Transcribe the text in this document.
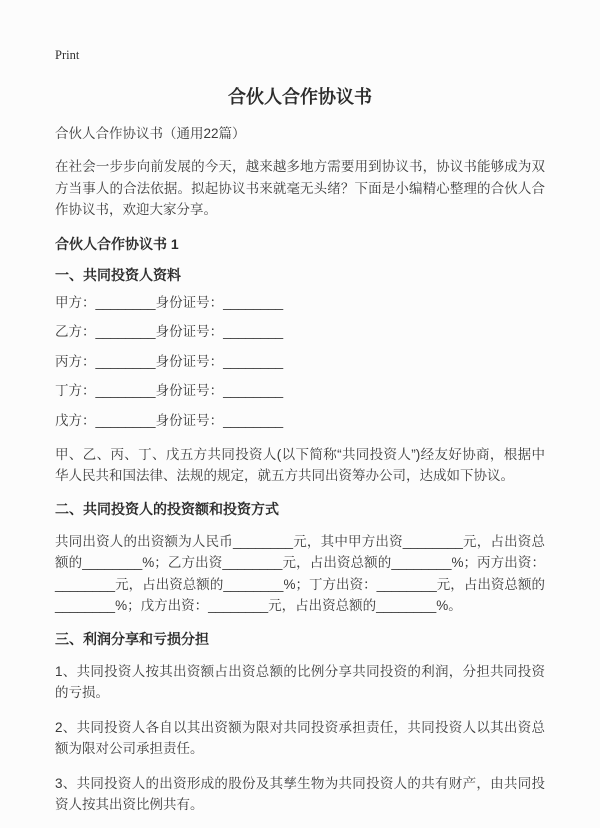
Print
合伙人合作协议书

合伙人合作协议书（通用22篇）

在社会一步步向前发展的今天，越来越多地方需要用到协议书，协议书能够成为双方当事人的合法依据。拟起协议书来就毫无头绪？下面是小编精心整理的合伙人合作协议书，欢迎大家分享。

合伙人合作协议书 1
一、共同投资人资料

甲方：________身份证号：________

乙方：________身份证号：________

丙方：________身份证号：________

丁方：________身份证号：________

戊方：________身份证号：________

甲、乙、丙、丁、戊五方共同投资人(以下简称“共同投资人”)经友好协商，根据中华人民共和国法律、法规的规定，就五方共同出资筹办公司，达成如下协议。

二、共同投资人的投资额和投资方式

共同出资人的出资额为人民币________元，其中甲方出资________元，占出资总额的________%；乙方出资________元，占出资总额的________%；丙方出资：________元，占出资总额的________%；丁方出资：________元，占出资总额的________%；戊方出资：________元，占出资总额的________%。

三、利润分享和亏损分担

1、共同投资人按其出资额占出资总额的比例分享共同投资的利润，分担共同投资的亏损。

2、共同投资人各自以其出资额为限对共同投资承担责任，共同投资人以其出资总额为限对公司承担责任。

3、共同投资人的出资形成的股份及其孳生物为共同投资人的共有财产，由共同投资人按其出资比例共有。
